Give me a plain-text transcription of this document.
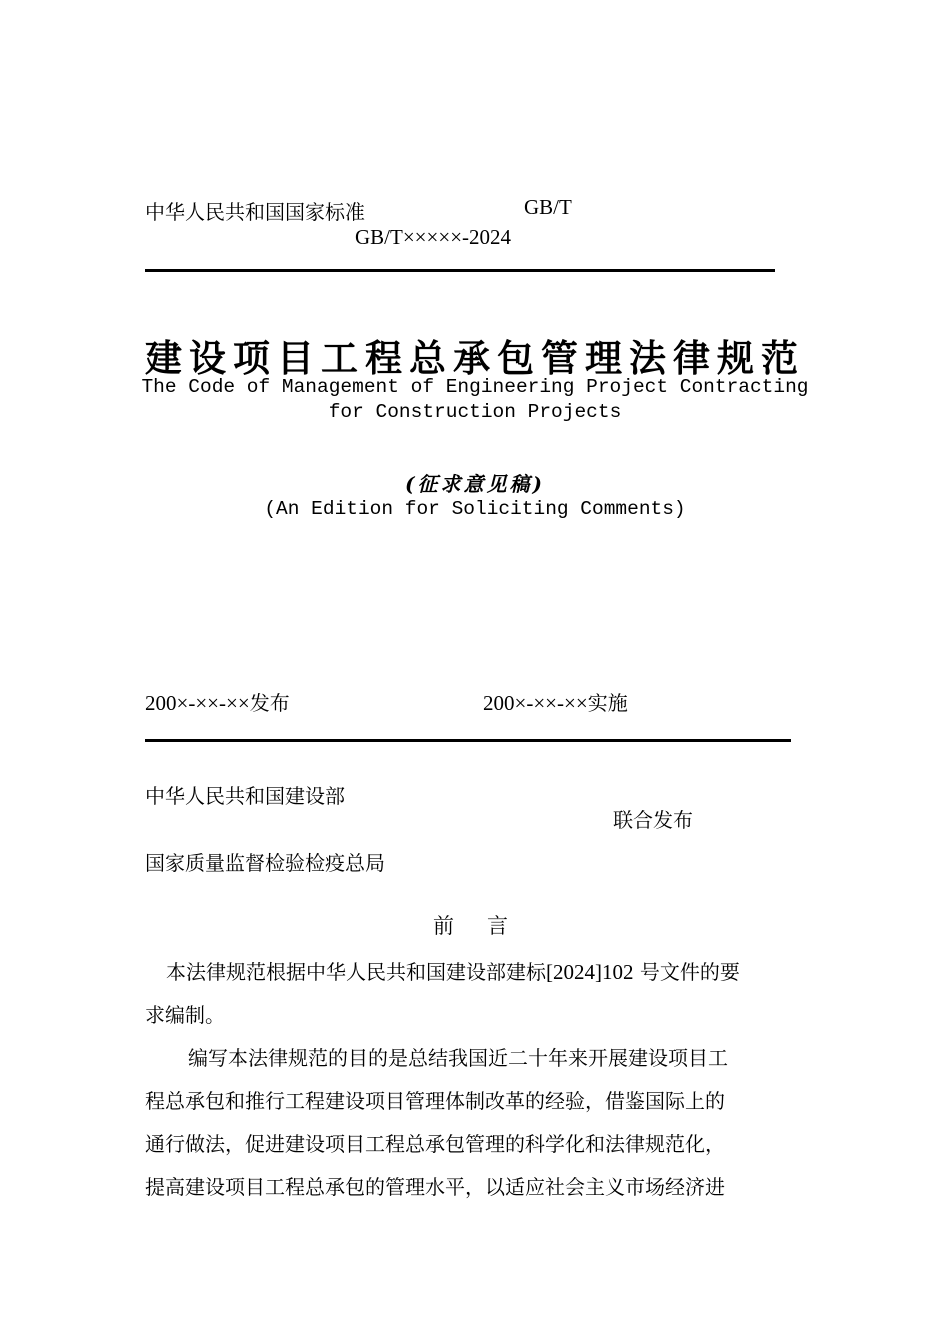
中华人民共和国国家标准	GB/T
GB/T×××××-2024
建设项目工程总承包管理法律规范
The Code of Management of Engineering Project Contracting
for Construction Projects
(征求意见稿)
(An Edition for Soliciting Comments)
200×-××-××发布	200×-××-××实施
中华人民共和国建设部
联合发布
国家质量监督检验检疫总局
前　言
本法律规范根据中华人民共和国建设部建标[2024]102 号文件的要
求编制。
编写本法律规范的目的是总结我国近二十年来开展建设项目工
程总承包和推行工程建设项目管理体制改革的经验，借鉴国际上的
通行做法，促进建设项目工程总承包管理的科学化和法律规范化，
提高建设项目工程总承包的管理水平，以适应社会主义市场经济进
